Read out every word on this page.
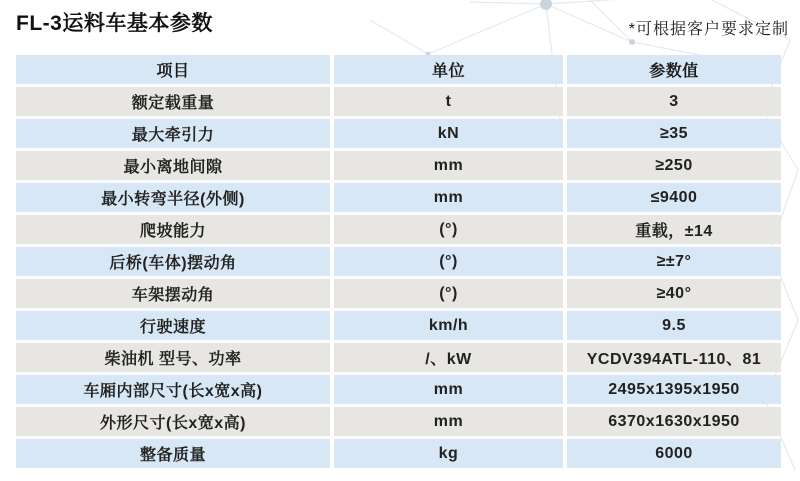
FL-3运料车基本参数	*可根据客户要求定制
项目	单位	参数值
额定载重量	t	3
最大牵引力	kN	≥35
最小离地间隙	mm	≥250
最小转弯半径(外侧)	mm	≤9400
爬坡能力	(°)	重载，±14
后桥(车体)摆动角	(°)	≥±7°
车架摆动角	(°)	≥40°
行驶速度	km/h	9.5
柴油机 型号、功率	/、kW	YCDV394ATL-110、81
车厢内部尺寸(长x宽x高)	mm	2495x1395x1950
外形尺寸(长x宽x高)	mm	6370x1630x1950
整备质量	kg	6000
